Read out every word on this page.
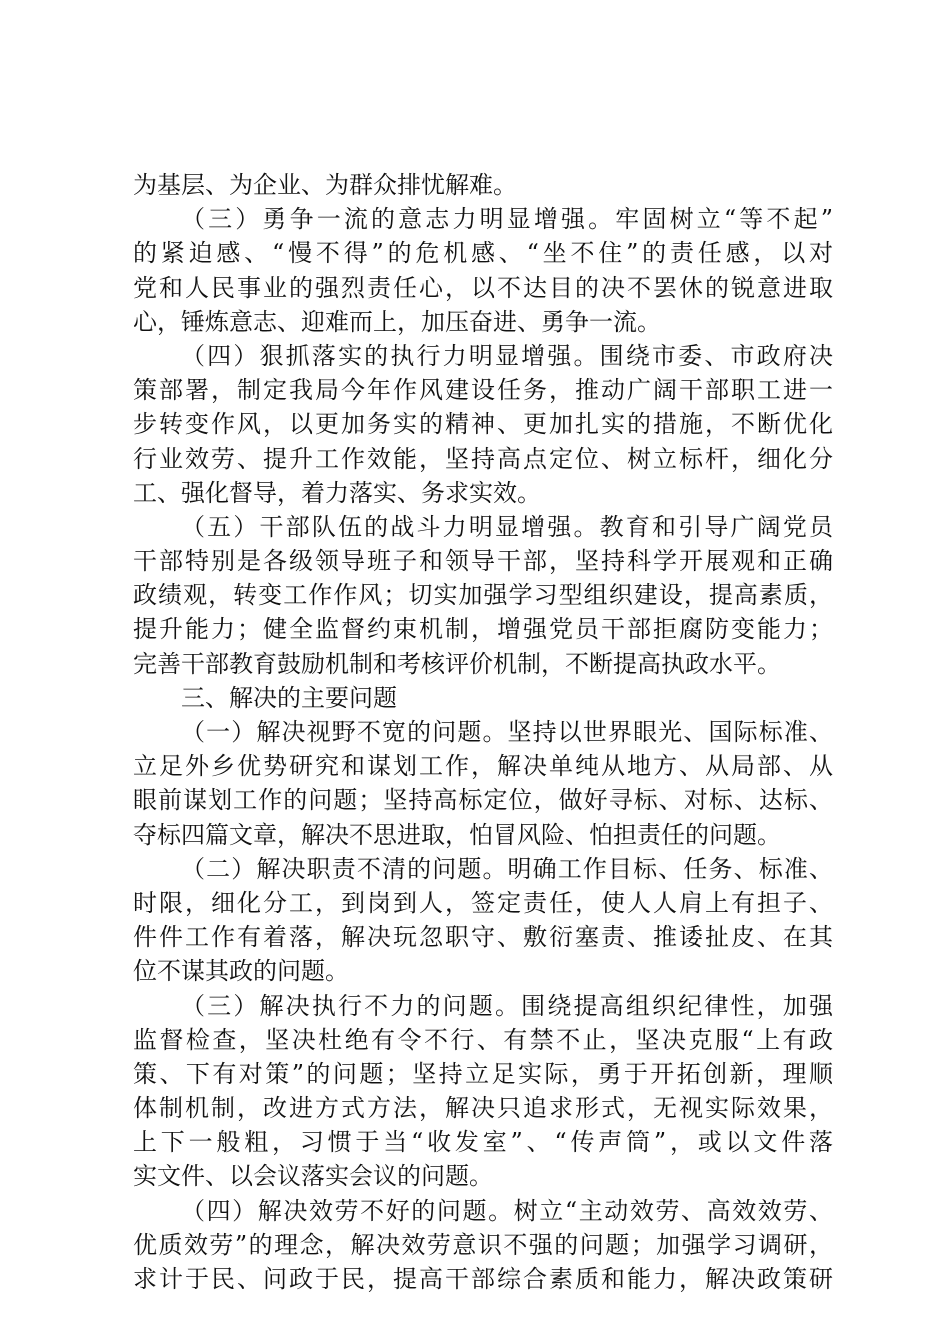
为基层、为企业、为群众排忧解难。
（三）勇争一流的意志力明显增强。牢固树立“等不起”
的紧迫感、“慢不得”的危机感、“坐不住”的责任感，以对
党和人民事业的强烈责任心，以不达目的决不罢休的锐意进取
心，锤炼意志、迎难而上，加压奋进、勇争一流。
（四）狠抓落实的执行力明显增强。围绕市委、市政府决
策部署，制定我局今年作风建设任务，推动广阔干部职工进一
步转变作风，以更加务实的精神、更加扎实的措施，不断优化
行业效劳、提升工作效能，坚持高点定位、树立标杆，细化分
工、强化督导，着力落实、务求实效。
（五）干部队伍的战斗力明显增强。教育和引导广阔党员
干部特别是各级领导班子和领导干部，坚持科学开展观和正确
政绩观，转变工作作风；切实加强学习型组织建设，提高素质，
提升能力；健全监督约束机制，增强党员干部拒腐防变能力；
完善干部教育鼓励机制和考核评价机制，不断提高执政水平。
三、解决的主要问题
（一）解决视野不宽的问题。坚持以世界眼光、国际标准、
立足外乡优势研究和谋划工作，解决单纯从地方、从局部、从
眼前谋划工作的问题；坚持高标定位，做好寻标、对标、达标、
夺标四篇文章，解决不思进取，怕冒风险、怕担责任的问题。
（二）解决职责不清的问题。明确工作目标、任务、标准、
时限，细化分工，到岗到人，签定责任，使人人肩上有担子、
件件工作有着落，解决玩忽职守、敷衍塞责、推诿扯皮、在其
位不谋其政的问题。
（三）解决执行不力的问题。围绕提高组织纪律性，加强
监督检查，坚决杜绝有令不行、有禁不止，坚决克服“上有政
策、下有对策”的问题；坚持立足实际，勇于开拓创新，理顺
体制机制，改进方式方法，解决只追求形式，无视实际效果，
上下一般粗，习惯于当“收发室”、“传声筒”，或以文件落
实文件、以会议落实会议的问题。
（四）解决效劳不好的问题。树立“主动效劳、高效效劳、
优质效劳”的理念，解决效劳意识不强的问题；加强学习调研，
求计于民、问政于民，提高干部综合素质和能力，解决政策研
